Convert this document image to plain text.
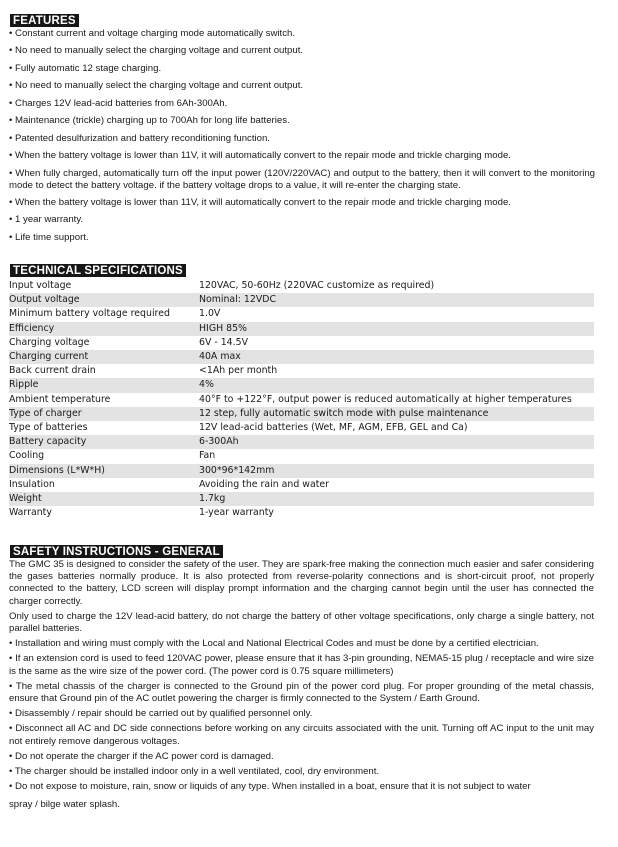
FEATURES
• Constant current and voltage charging mode automatically switch.
• No need to manually select the charging voltage and current output.
• Fully automatic 12 stage charging.
• No need to manually select the charging voltage and current output.
• Charges 12V lead-acid batteries from 6Ah-300Ah.
• Maintenance (trickle) charging up to 700Ah for long life batteries.
• Patented desulfurization and battery reconditioning function.
• When the battery voltage is lower than 11V, it will automatically convert to the repair mode and trickle charging mode.
• When fully charged, automatically turn off the input power (120V/220VAC) and output to the battery, then it will convert to the monitoring mode to detect the battery voltage. if the battery voltage drops to a value, it will re-enter the charging state.
• When the battery voltage is lower than 11V, it will automatically convert to the repair mode and trickle charging mode.
• 1 year warranty.
• Life time support.
TECHNICAL SPECIFICATIONS
Input voltage	120VAC, 50-60Hz (220VAC customize as required)
Output voltage	Nominal: 12VDC
Minimum battery voltage required	1.0V
Efficiency	HIGH 85%
Charging voltage	6V - 14.5V
Charging current	40A max
Back current drain	<1Ah per month
Ripple	4%
Ambient temperature	40°F to +122°F, output power is reduced automatically at higher temperatures
Type of charger	12 step, fully automatic switch mode with pulse maintenance
Type of batteries	12V lead-acid batteries (Wet, MF, AGM, EFB, GEL and Ca)
Battery capacity	6-300Ah
Cooling	Fan
Dimensions (L*W*H)	300*96*142mm
Insulation	Avoiding the rain and water
Weight	1.7kg
Warranty	1-year warranty
SAFETY INSTRUCTIONS - GENERAL

The GMC 35 is designed to consider the safety of the user. They are spark-free making the connection much easier and safer considering the gases batteries normally produce. It is also protected from reverse-polarity connections and is short-circuit proof, not properly connected to the battery, LCD screen will display prompt information and the charging cannot begin until the user has connected the charger correctly.

Only used to charge the 12V lead-acid battery, do not charge the battery of other voltage specifications, only charge a single battery, not parallel batteries.

• Installation and wiring must comply with the Local and National Electrical Codes and must be done by a certified electrician.

• If an extension cord is used to feed 120VAC power, please ensure that it has 3-pin grounding, NEMA5-15 plug / receptacle and wire size is the same as the wire size of the power cord. (The power cord is 0.75 square millimeters)

• The metal chassis of the charger is connected to the Ground pin of the power cord plug. For proper grounding of the metal chassis, ensure that Ground pin of the AC outlet powering the charger is firmly connected to the System / Earth Ground.

• Disassembly / repair should be carried out by qualified personnel only.

• Disconnect all AC and DC side connections before working on any circuits associated with the unit. Turning off AC input to the unit may not entirely remove dangerous voltages.

• Do not operate the charger if the AC power cord is damaged.

• The charger should be installed indoor only in a well ventilated, cool, dry environment.

• Do not expose to moisture, rain, snow or liquids of any type. When installed in a boat, ensure that it is not subject to water

spray / bilge water splash.
